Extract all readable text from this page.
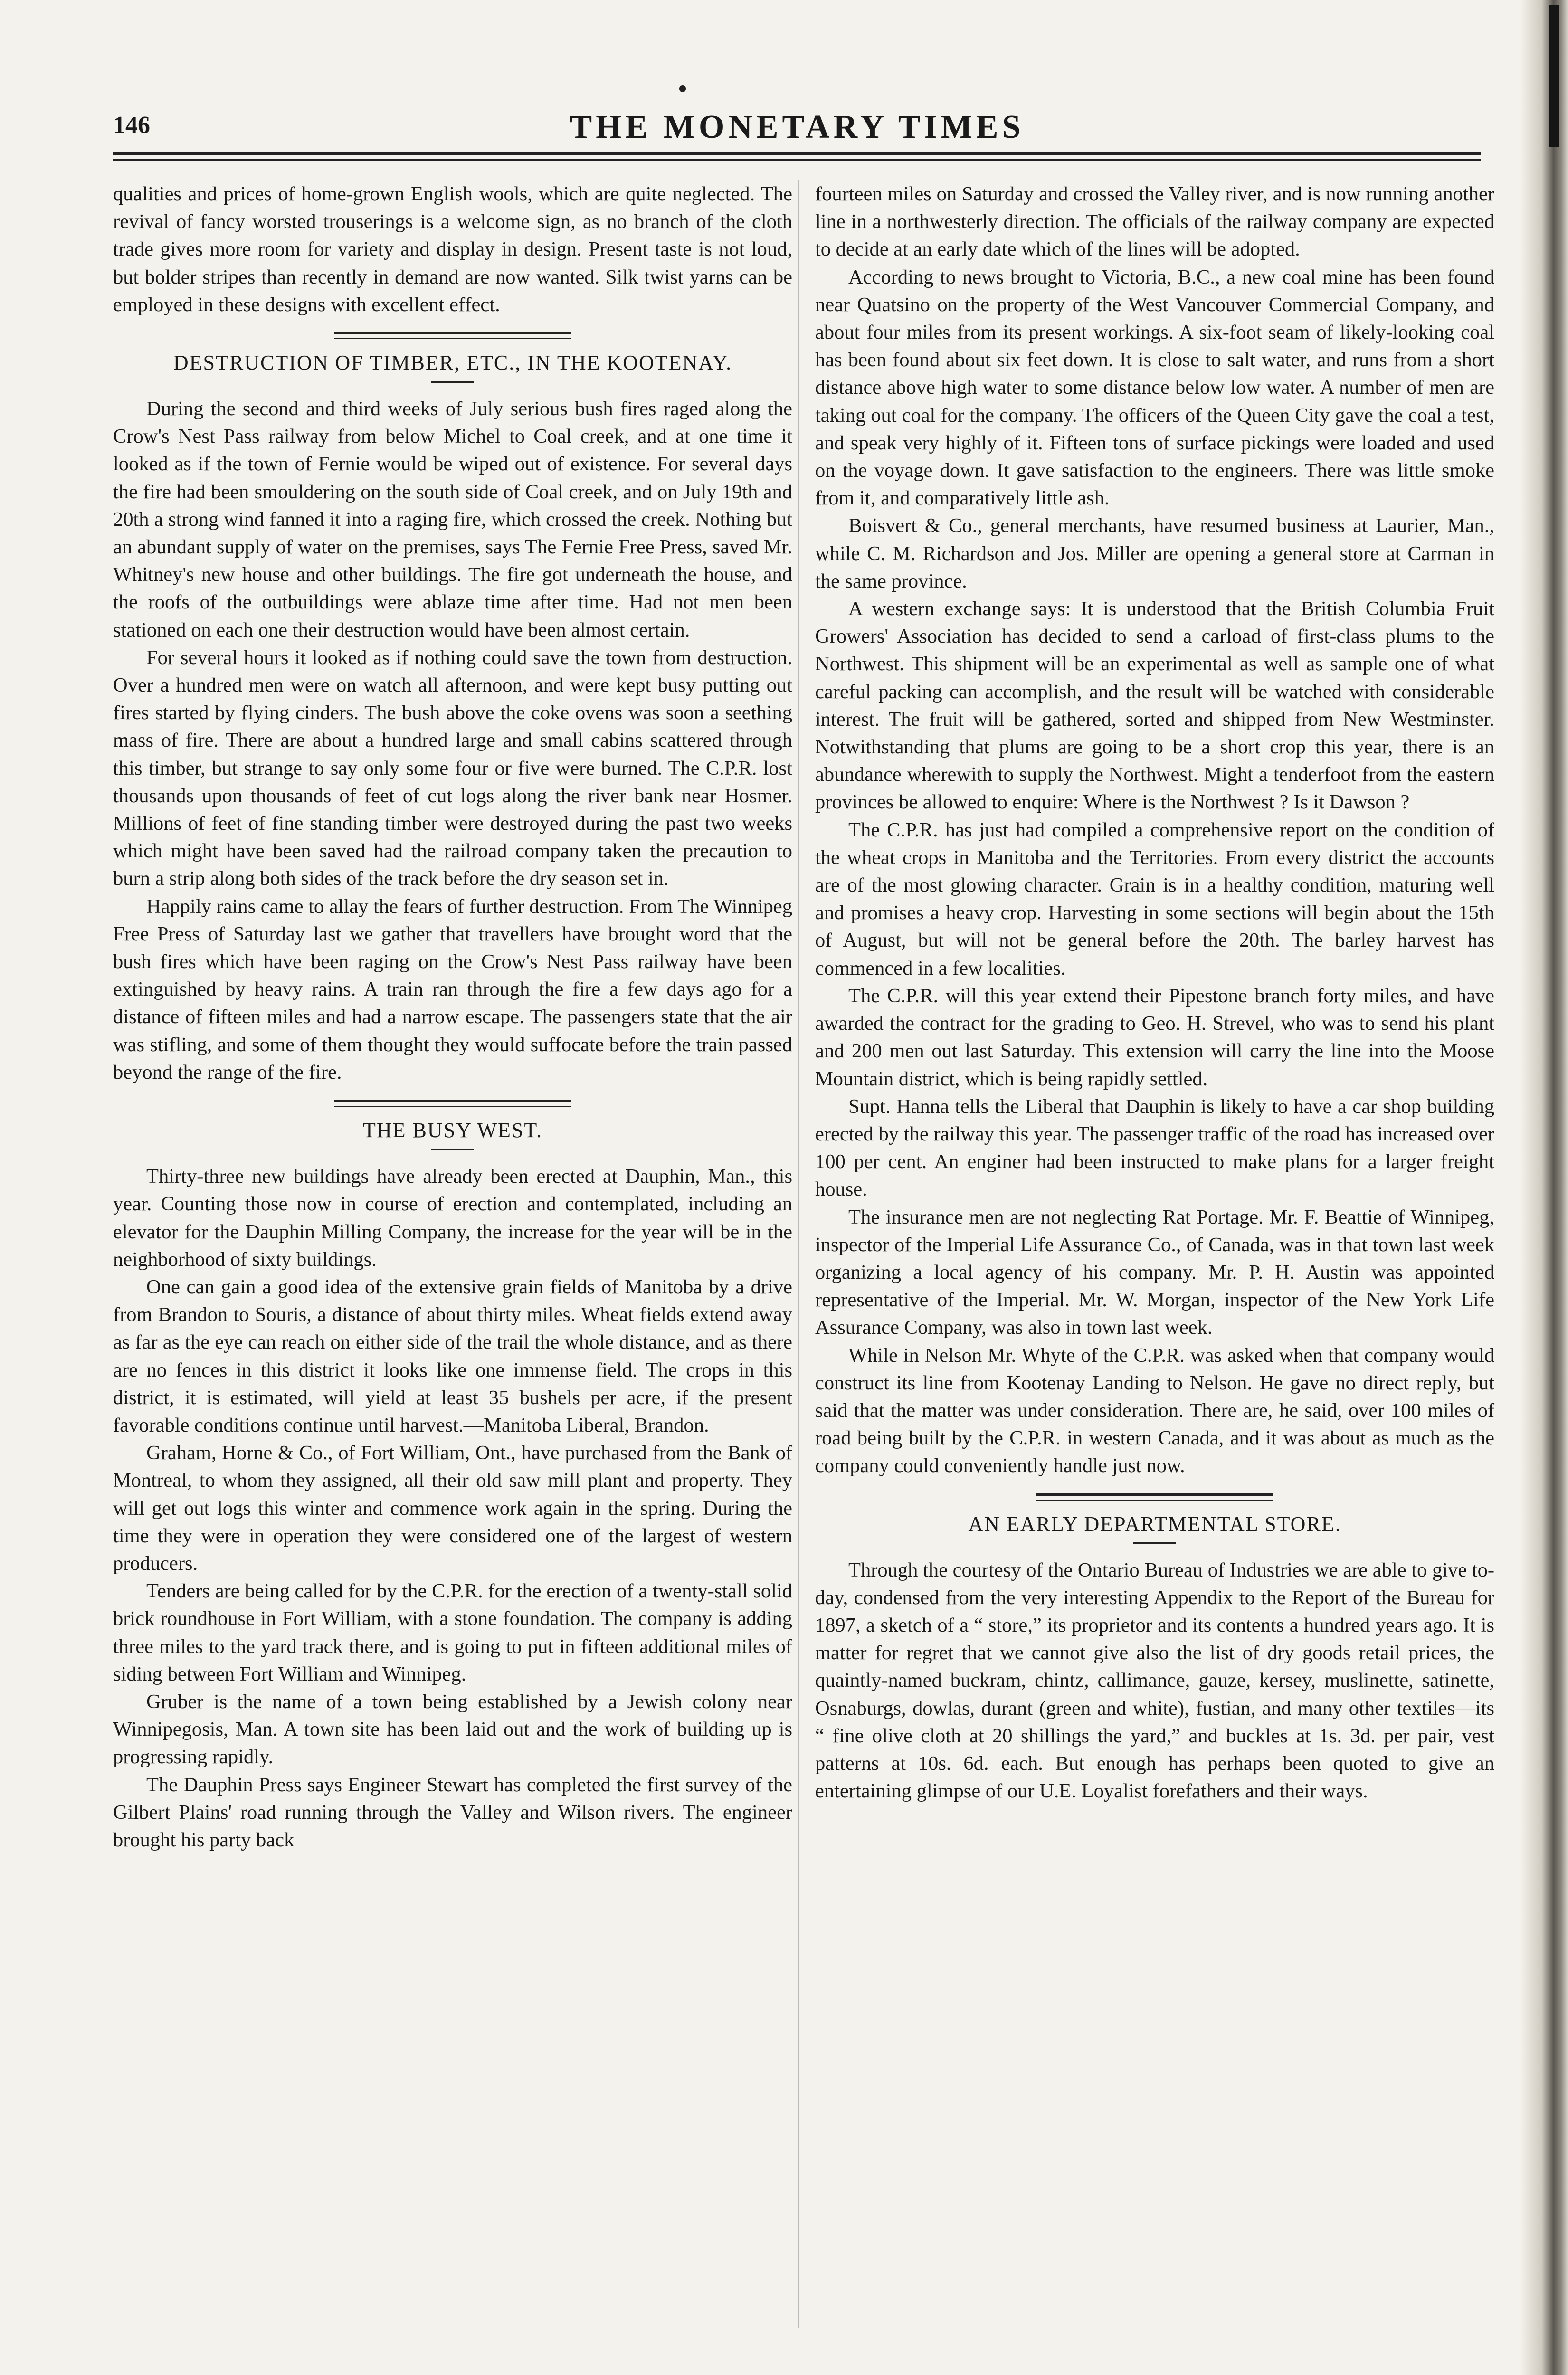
146	THE MONETARY TIMES

qualities and prices of home-grown English wools, which are quite neglected. The revival of fancy worsted trouserings is a welcome sign, as no branch of the cloth trade gives more room for variety and display in design. Present taste is not loud, but bolder stripes than recently in demand are now wanted. Silk twist yarns can be employed in these designs with excellent effect.

DESTRUCTION OF TIMBER, ETC., IN THE KOOTENAY.

During the second and third weeks of July serious bush fires raged along the Crow's Nest Pass railway from below Michel to Coal creek, and at one time it looked as if the town of Fernie would be wiped out of existence. For several days the fire had been smouldering on the south side of Coal creek, and on July 19th and 20th a strong wind fanned it into a raging fire, which crossed the creek. Nothing but an abundant supply of water on the premises, says The Fernie Free Press, saved Mr. Whitney's new house and other buildings. The fire got underneath the house, and the roofs of the outbuildings were ablaze time after time. Had not men been stationed on each one their destruction would have been almost certain.

For several hours it looked as if nothing could save the town from destruction. Over a hundred men were on watch all afternoon, and were kept busy putting out fires started by flying cinders. The bush above the coke ovens was soon a seething mass of fire. There are about a hundred large and small cabins scattered through this timber, but strange to say only some four or five were burned. The C.P.R. lost thousands upon thousands of feet of cut logs along the river bank near Hosmer. Millions of feet of fine standing timber were destroyed during the past two weeks which might have been saved had the railroad company taken the precaution to burn a strip along both sides of the track before the dry season set in.

Happily rains came to allay the fears of further destruction. From The Winnipeg Free Press of Saturday last we gather that travellers have brought word that the bush fires which have been raging on the Crow's Nest Pass railway have been extinguished by heavy rains. A train ran through the fire a few days ago for a distance of fifteen miles and had a narrow escape. The passengers state that the air was stifling, and some of them thought they would suffocate before the train passed beyond the range of the fire.

THE BUSY WEST.

Thirty-three new buildings have already been erected at Dauphin, Man., this year. Counting those now in course of erection and contemplated, including an elevator for the Dauphin Milling Company, the increase for the year will be in the neighborhood of sixty buildings.

One can gain a good idea of the extensive grain fields of Manitoba by a drive from Brandon to Souris, a distance of about thirty miles. Wheat fields extend away as far as the eye can reach on either side of the trail the whole distance, and as there are no fences in this district it looks like one immense field. The crops in this district, it is estimated, will yield at least 35 bushels per acre, if the present favorable conditions continue until harvest.—Manitoba Liberal, Brandon.

Graham, Horne & Co., of Fort William, Ont., have purchased from the Bank of Montreal, to whom they assigned, all their old saw mill plant and property. They will get out logs this winter and commence work again in the spring. During the time they were in operation they were considered one of the largest of western producers.

Tenders are being called for by the C.P.R. for the erection of a twenty-stall solid brick roundhouse in Fort William, with a stone foundation. The company is adding three miles to the yard track there, and is going to put in fifteen additional miles of siding between Fort William and Winnipeg.

Gruber is the name of a town being established by a Jewish colony near Winnipegosis, Man. A town site has been laid out and the work of building up is progressing rapidly.

The Dauphin Press says Engineer Stewart has completed the first survey of the Gilbert Plains' road running through the Valley and Wilson rivers. The engineer brought his party back

fourteen miles on Saturday and crossed the Valley river, and is now running another line in a northwesterly direction. The officials of the railway company are expected to decide at an early date which of the lines will be adopted.

According to news brought to Victoria, B.C., a new coal mine has been found near Quatsino on the property of the West Vancouver Commercial Company, and about four miles from its present workings. A six-foot seam of likely-looking coal has been found about six feet down. It is close to salt water, and runs from a short distance above high water to some distance below low water. A number of men are taking out coal for the company. The officers of the Queen City gave the coal a test, and speak very highly of it. Fifteen tons of surface pickings were loaded and used on the voyage down. It gave satisfaction to the engineers. There was little smoke from it, and comparatively little ash.

Boisvert & Co., general merchants, have resumed business at Laurier, Man., while C. M. Richardson and Jos. Miller are opening a general store at Carman in the same province.

A western exchange says: It is understood that the British Columbia Fruit Growers' Association has decided to send a carload of first-class plums to the Northwest. This shipment will be an experimental as well as sample one of what careful packing can accomplish, and the result will be watched with considerable interest. The fruit will be gathered, sorted and shipped from New Westminster. Notwithstanding that plums are going to be a short crop this year, there is an abundance wherewith to supply the Northwest. Might a tenderfoot from the eastern provinces be allowed to enquire: Where is the Northwest ? Is it Dawson ?

The C.P.R. has just had compiled a comprehensive report on the condition of the wheat crops in Manitoba and the Territories. From every district the accounts are of the most glowing character. Grain is in a healthy condition, maturing well and promises a heavy crop. Harvesting in some sections will begin about the 15th of August, but will not be general before the 20th. The barley harvest has commenced in a few localities.

The C.P.R. will this year extend their Pipestone branch forty miles, and have awarded the contract for the grading to Geo. H. Strevel, who was to send his plant and 200 men out last Saturday. This extension will carry the line into the Moose Mountain district, which is being rapidly settled.

Supt. Hanna tells the Liberal that Dauphin is likely to have a car shop building erected by the railway this year. The passenger traffic of the road has increased over 100 per cent. An enginer had been instructed to make plans for a larger freight house.

The insurance men are not neglecting Rat Portage. Mr. F. Beattie of Winnipeg, inspector of the Imperial Life Assurance Co., of Canada, was in that town last week organizing a local agency of his company. Mr. P. H. Austin was appointed representative of the Imperial. Mr. W. Morgan, inspector of the New York Life Assurance Company, was also in town last week.

While in Nelson Mr. Whyte of the C.P.R. was asked when that company would construct its line from Kootenay Landing to Nelson. He gave no direct reply, but said that the matter was under consideration. There are, he said, over 100 miles of road being built by the C.P.R. in western Canada, and it was about as much as the company could conveniently handle just now.

AN EARLY DEPARTMENTAL STORE.

Through the courtesy of the Ontario Bureau of Industries we are able to give to-day, condensed from the very interesting Appendix to the Report of the Bureau for 1897, a sketch of a “ store,” its proprietor and its contents a hundred years ago. It is matter for regret that we cannot give also the list of dry goods retail prices, the quaintly-named buckram, chintz, callimance, gauze, kersey, muslinette, satinette, Osnaburgs, dowlas, durant (green and white), fustian, and many other textiles—its “ fine olive cloth at 20 shillings the yard,” and buckles at 1s. 3d. per pair, vest patterns at 10s. 6d. each. But enough has perhaps been quoted to give an entertaining glimpse of our U.E. Loyalist forefathers and their ways.
